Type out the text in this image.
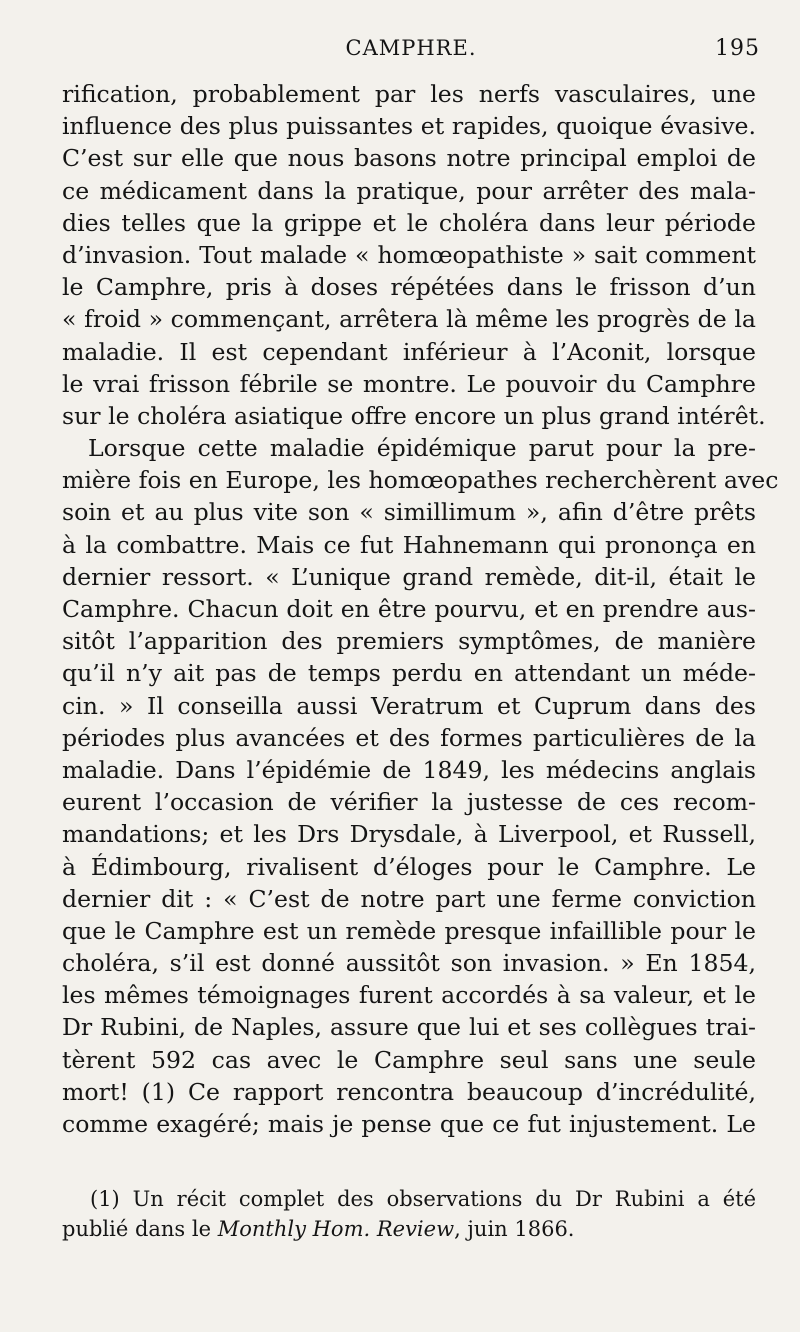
CAMPHRE.	195
rification, probablement par les nerfs vasculaires, une
influence des plus puissantes et rapides, quoique évasive.
C’est sur elle que nous basons notre principal emploi de
ce médicament dans la pratique, pour arrêter des mala-
dies telles que la grippe et le choléra dans leur période
d’invasion. Tout malade « homœopathiste » sait comment
le Camphre, pris à doses répétées dans le frisson d’un
« froid » commençant, arrêtera là même les progrès de la
maladie. Il est cependant inférieur à l’Aconit, lorsque
le vrai frisson fébrile se montre. Le pouvoir du Camphre
sur le choléra asiatique offre encore un plus grand intérêt.
Lorsque cette maladie épidémique parut pour la pre-
mière fois en Europe, les homœopathes recherchèrent avec
soin et au plus vite son « simillimum », afin d’être prêts
à la combattre. Mais ce fut Hahnemann qui prononça en
dernier ressort. « L’unique grand remède, dit-il, était le
Camphre. Chacun doit en être pourvu, et en prendre aus-
sitôt l’apparition des premiers symptômes, de manière
qu’il n’y ait pas de temps perdu en attendant un méde-
cin. » Il conseilla aussi Veratrum et Cuprum dans des
périodes plus avancées et des formes particulières de la
maladie. Dans l’épidémie de 1849, les médecins anglais
eurent l’occasion de vérifier la justesse de ces recom-
mandations; et les Drs Drysdale, à Liverpool, et Russell,
à Édimbourg, rivalisent d’éloges pour le Camphre. Le
dernier dit : « C’est de notre part une ferme conviction
que le Camphre est un remède presque infaillible pour le
choléra, s’il est donné aussitôt son invasion. » En 1854,
les mêmes témoignages furent accordés à sa valeur, et le
Dr Rubini, de Naples, assure que lui et ses collègues trai-
tèrent 592 cas avec le Camphre seul sans une seule
mort! (1) Ce rapport rencontra beaucoup d’incrédulité,
comme exagéré; mais je pense que ce fut injustement. Le
(1) Un récit complet des observations du Dr Rubini a été
publié dans le Monthly Hom. Review, juin 1866.
